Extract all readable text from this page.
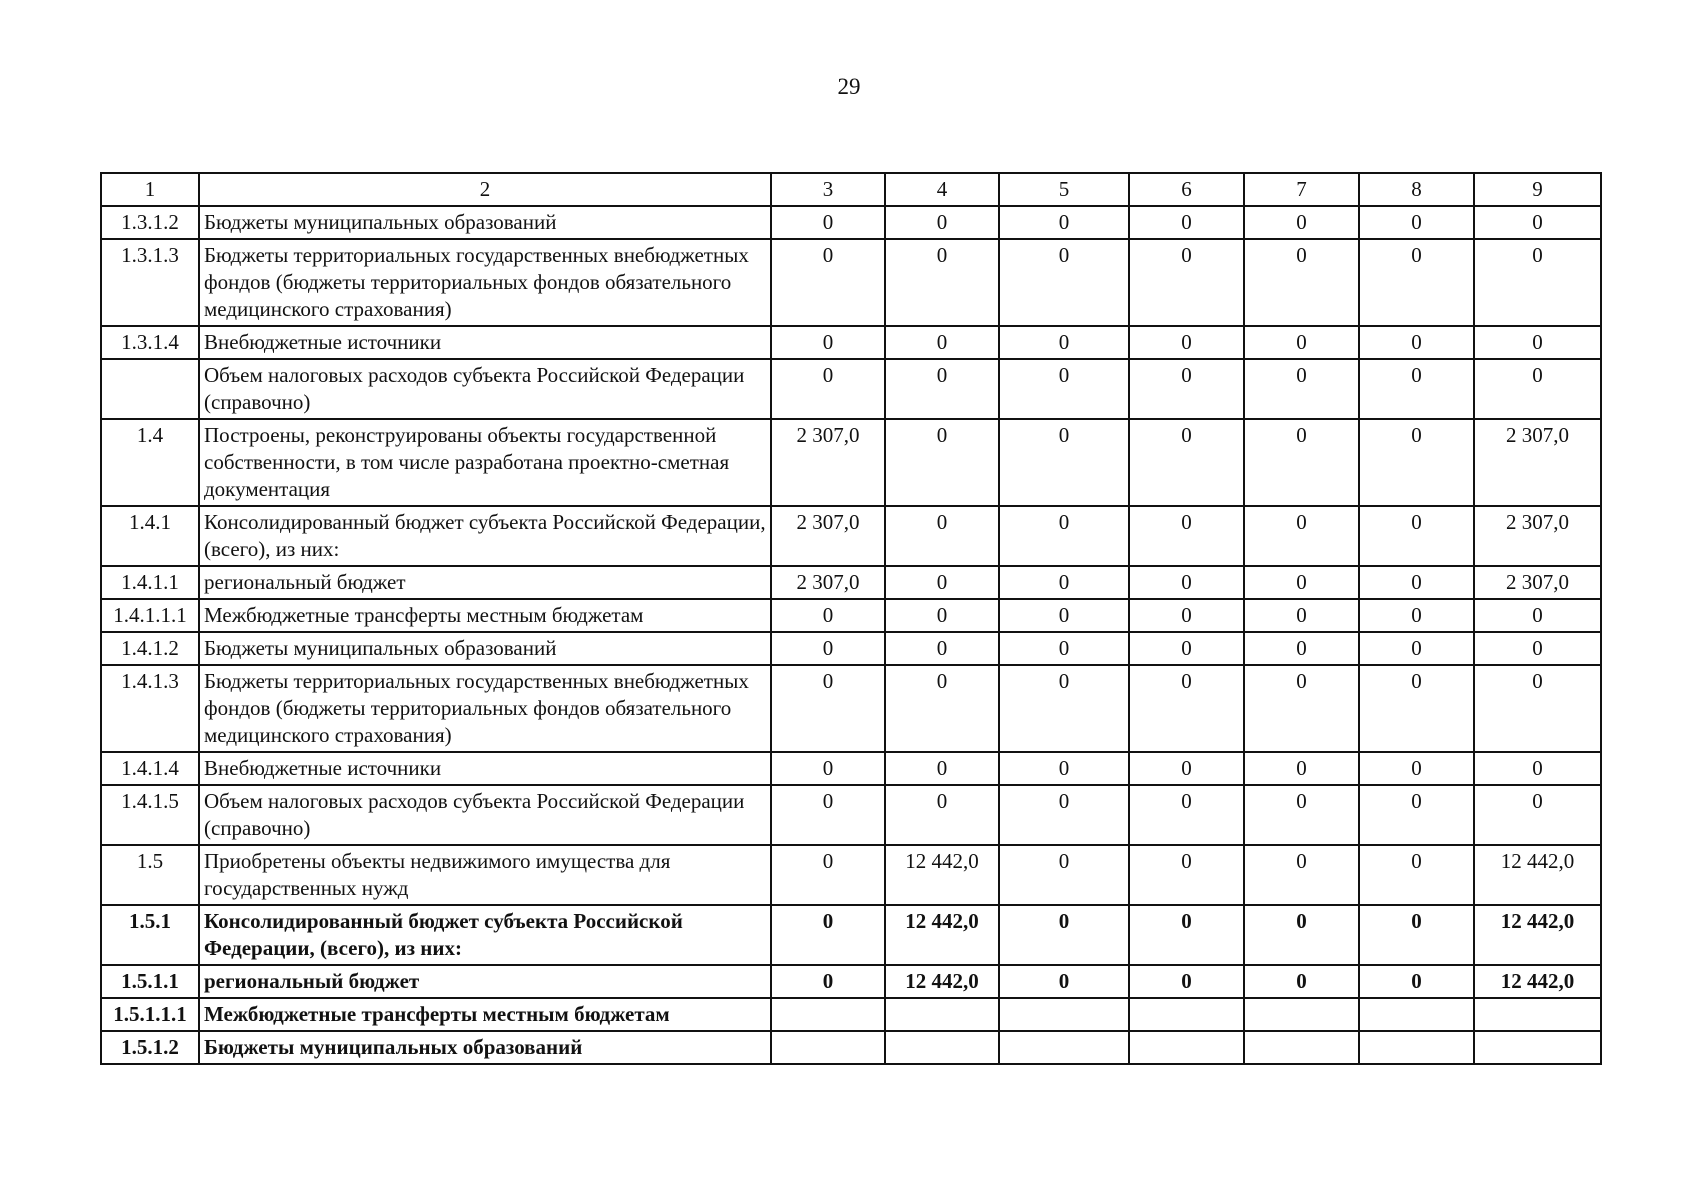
29
1	2	3	4	5	6	7	8	9
1.3.1.2	Бюджеты муниципальных образований	0	0	0	0	0	0	0
1.3.1.3	Бюджеты территориальных государственных внебюджетных фондов (бюджеты территориальных фондов обязательного медицинского страхования)	0	0	0	0	0	0	0
1.3.1.4	Внебюджетные источники	0	0	0	0	0	0	0
	Объем налоговых расходов субъекта Российской Федерации (справочно)	0	0	0	0	0	0	0
1.4	Построены, реконструированы объекты государственной собственности, в том числе разработана проектно-сметная документация	2 307,0	0	0	0	0	0	2 307,0
1.4.1	Консолидированный бюджет субъекта Российской Федерации, (всего), из них:	2 307,0	0	0	0	0	0	2 307,0
1.4.1.1	региональный бюджет	2 307,0	0	0	0	0	0	2 307,0
1.4.1.1.1	Межбюджетные трансферты местным бюджетам	0	0	0	0	0	0	0
1.4.1.2	Бюджеты муниципальных образований	0	0	0	0	0	0	0
1.4.1.3	Бюджеты территориальных государственных внебюджетных фондов (бюджеты территориальных фондов обязательного медицинского страхования)	0	0	0	0	0	0	0
1.4.1.4	Внебюджетные источники	0	0	0	0	0	0	0
1.4.1.5	Объем налоговых расходов субъекта Российской Федерации (справочно)	0	0	0	0	0	0	0
1.5	Приобретены объекты недвижимого имущества для государственных нужд	0	12 442,0	0	0	0	0	12 442,0
1.5.1	Консолидированный бюджет субъекта Российской Федерации, (всего), из них:	0	12 442,0	0	0	0	0	12 442,0
1.5.1.1	региональный бюджет	0	12 442,0	0	0	0	0	12 442,0
1.5.1.1.1	Межбюджетные трансферты местным бюджетам							
1.5.1.2	Бюджеты муниципальных образований							
